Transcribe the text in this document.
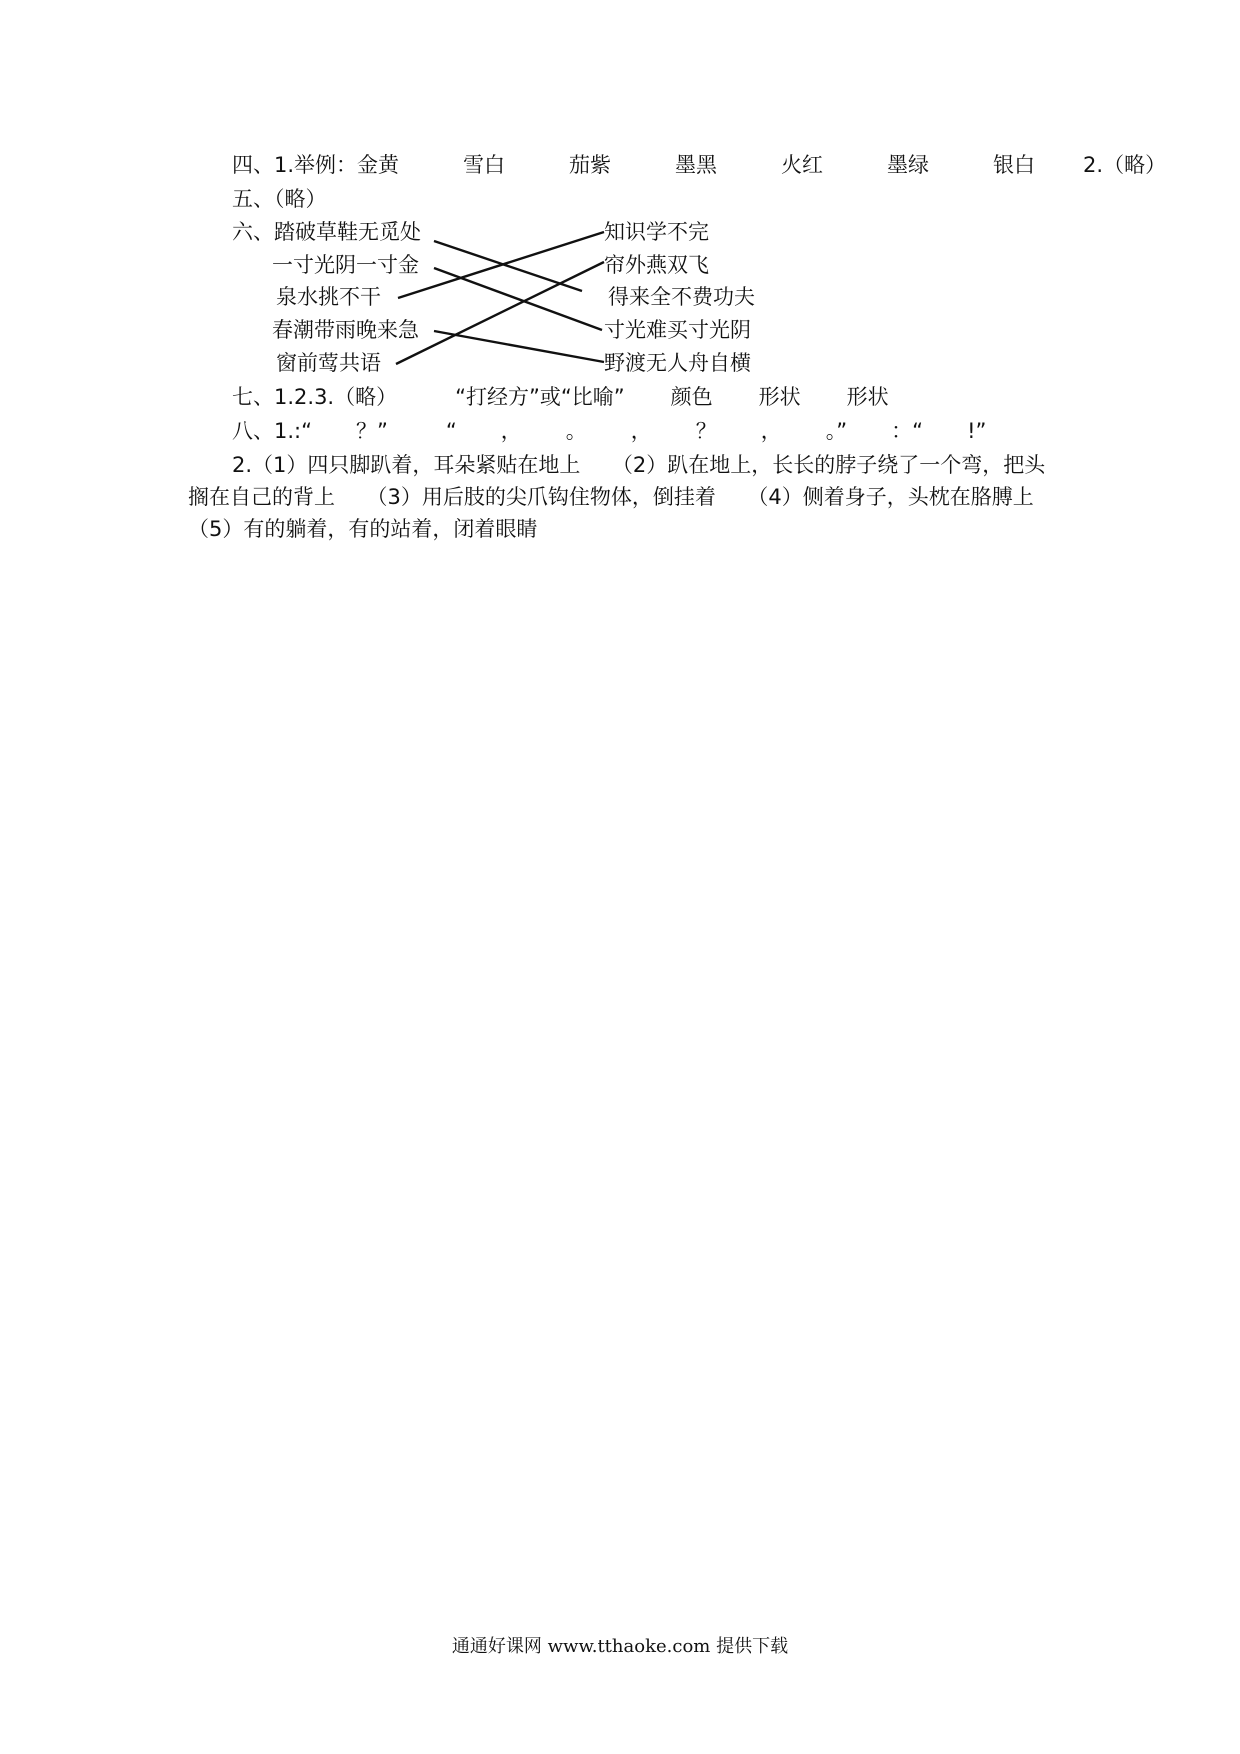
四、1.举例：金黄	雪白	茄紫	墨黑	火红	墨绿	银白 2.（略）
五、（略）
六、 踏破草鞋无觅处
一寸光阴一寸金
泉水挑不干
春潮带雨晚来急
窗前莺共语
知识学不完
帘外燕双飞
得来全不费功夫
寸光难买寸光阴
野渡无人舟自横
七、1.2.3.（略）	“打经方”或“比喻” 颜色 形状 形状
八、1.:“ ？”	“ ， 。 ， ？ ， 。” ：“ !”
2.（1）四只脚趴着，耳朵紧贴在地上　　（2）趴在地上，长长的脖子绕了一个弯，把头搁在自己的背上　　（3）用后肢的尖爪钩住物体，倒挂着　　（4）侧着身子，头枕在胳膊上　　（5）有的躺着，有的站着，闭着眼睛
通通好课网 www.tthaoke.com 提供下载
